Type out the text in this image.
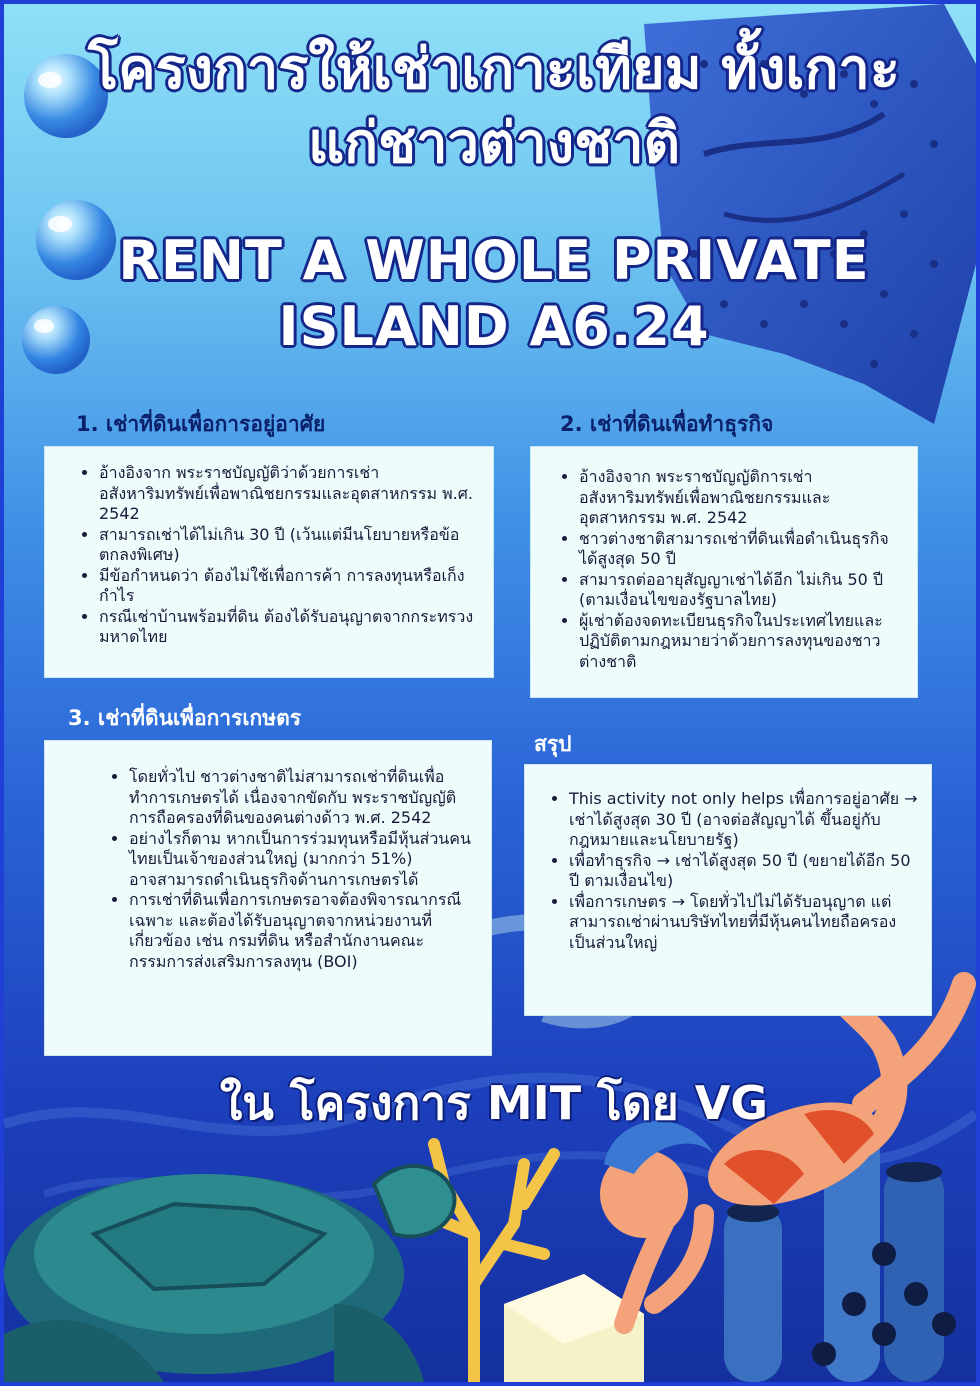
โครงการให้เช่าเกาะเทียม ทั้งเกาะ
แก่ชาวต่างชาติ
RENT A WHOLE PRIVATE
ISLAND A6.24
1. เช่าที่ดินเพื่อการอยู่อาศัย
• อ้างอิงจาก พระราชบัญญัติว่าด้วยการเช่าอสังหาริมทรัพย์เพื่อพาณิชยกรรมและอุตสาหกรรม พ.ศ. 2542
• สามารถเช่าได้ไม่เกิน 30 ปี (เว้นแต่มีนโยบายหรือข้อตกลงพิเศษ)
• มีข้อกำหนดว่า ต้องไม่ใช้เพื่อการค้า การลงทุนหรือเก็งกำไร
• กรณีเช่าบ้านพร้อมที่ดิน ต้องได้รับอนุญาตจากกระทรวงมหาดไทย
2. เช่าที่ดินเพื่อทำธุรกิจ
• อ้างอิงจาก พระราชบัญญัติการเช่าอสังหาริมทรัพย์เพื่อพาณิชยกรรมและอุตสาหกรรม พ.ศ. 2542
• ชาวต่างชาติสามารถเช่าที่ดินเพื่อดำเนินธุรกิจได้สูงสุด 50 ปี
• สามารถต่ออายุสัญญาเช่าได้อีก ไม่เกิน 50 ปี (ตามเงื่อนไขของรัฐบาลไทย)
• ผู้เช่าต้องจดทะเบียนธุรกิจในประเทศไทยและปฏิบัติตามกฎหมายว่าด้วยการลงทุนของชาวต่างชาติ
3. เช่าที่ดินเพื่อการเกษตร
• โดยทั่วไป ชาวต่างชาติไม่สามารถเช่าที่ดินเพื่อทำการเกษตรได้ เนื่องจากขัดกับ พระราชบัญญัติการถือครองที่ดินของคนต่างด้าว พ.ศ. 2542
• อย่างไรก็ตาม หากเป็นการร่วมทุนหรือมีหุ้นส่วนคนไทยเป็นเจ้าของส่วนใหญ่ (มากกว่า 51%) อาจสามารถดำเนินธุรกิจด้านการเกษตรได้
• การเช่าที่ดินเพื่อการเกษตรอาจต้องพิจารณากรณีเฉพาะ และต้องได้รับอนุญาตจากหน่วยงานที่เกี่ยวข้อง เช่น กรมที่ดิน หรือสำนักงานคณะกรรมการส่งเสริมการลงทุน (BOI)
สรุป
• This activity not only helps เพื่อการอยู่อาศัย → เช่าได้สูงสุด 30 ปี (อาจต่อสัญญาได้ ขึ้นอยู่กับกฎหมายและนโยบายรัฐ)
• เพื่อทำธุรกิจ → เช่าได้สูงสุด 50 ปี (ขยายได้อีก 50 ปี ตามเงื่อนไข)
• เพื่อการเกษตร → โดยทั่วไปไม่ได้รับอนุญาต แต่สามารถเช่าผ่านบริษัทไทยที่มีหุ้นคนไทยถือครองเป็นส่วนใหญ่
ใน โครงการ MIT โดย VG
